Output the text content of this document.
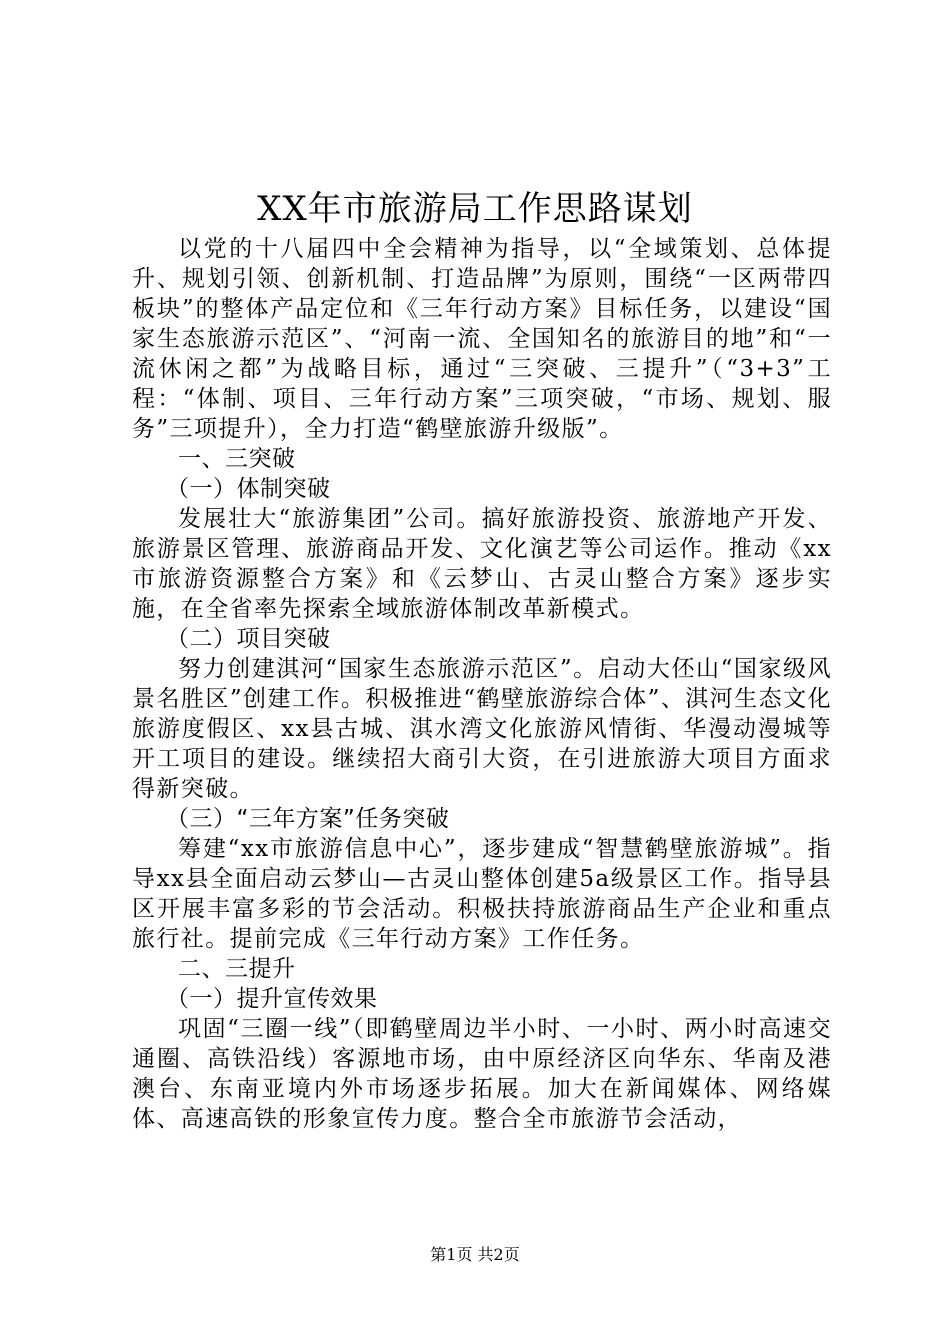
XX年市旅游局工作思路谋划

以党的十八届四中全会精神为指导，以“全域策划、总体提升、规划引领、创新机制、打造品牌”为原则，围绕“一区两带四板块”的整体产品定位和《三年行动方案》目标任务，以建设“国家生态旅游示范区”、“河南一流、全国知名的旅游目的地”和“一流休闲之都”为战略目标，通过“三突破、三提升”（“3+3”工程：“体制、项目、三年行动方案”三项突破，“市场、规划、服务”三项提升），全力打造“鹤壁旅游升级版”。

一、三突破

（一）体制突破

发展壮大“旅游集团”公司。搞好旅游投资、旅游地产开发、旅游景区管理、旅游商品开发、文化演艺等公司运作。推动《xx市旅游资源整合方案》和《云梦山、古灵山整合方案》逐步实施，在全省率先探索全域旅游体制改革新模式。

（二）项目突破

努力创建淇河“国家生态旅游示范区”。启动大伾山“国家级风景名胜区”创建工作。积极推进“鹤壁旅游综合体”、淇河生态文化旅游度假区、xx县古城、淇水湾文化旅游风情街、华漫动漫城等开工项目的建设。继续招大商引大资，在引进旅游大项目方面求得新突破。

（三）“三年方案”任务突破

筹建“xx市旅游信息中心”，逐步建成“智慧鹤壁旅游城”。指导xx县全面启动云梦山—古灵山整体创建5a级景区工作。指导县区开展丰富多彩的节会活动。积极扶持旅游商品生产企业和重点旅行社。提前完成《三年行动方案》工作任务。

二、三提升

（一）提升宣传效果

巩固“三圈一线”（即鹤壁周边半小时、一小时、两小时高速交通圈、高铁沿线）客源地市场，由中原经济区向华东、华南及港澳台、东南亚境内外市场逐步拓展。加大在新闻媒体、网络媒体、高速高铁的形象宣传力度。整合全市旅游节会活动，

第1页 共2页
